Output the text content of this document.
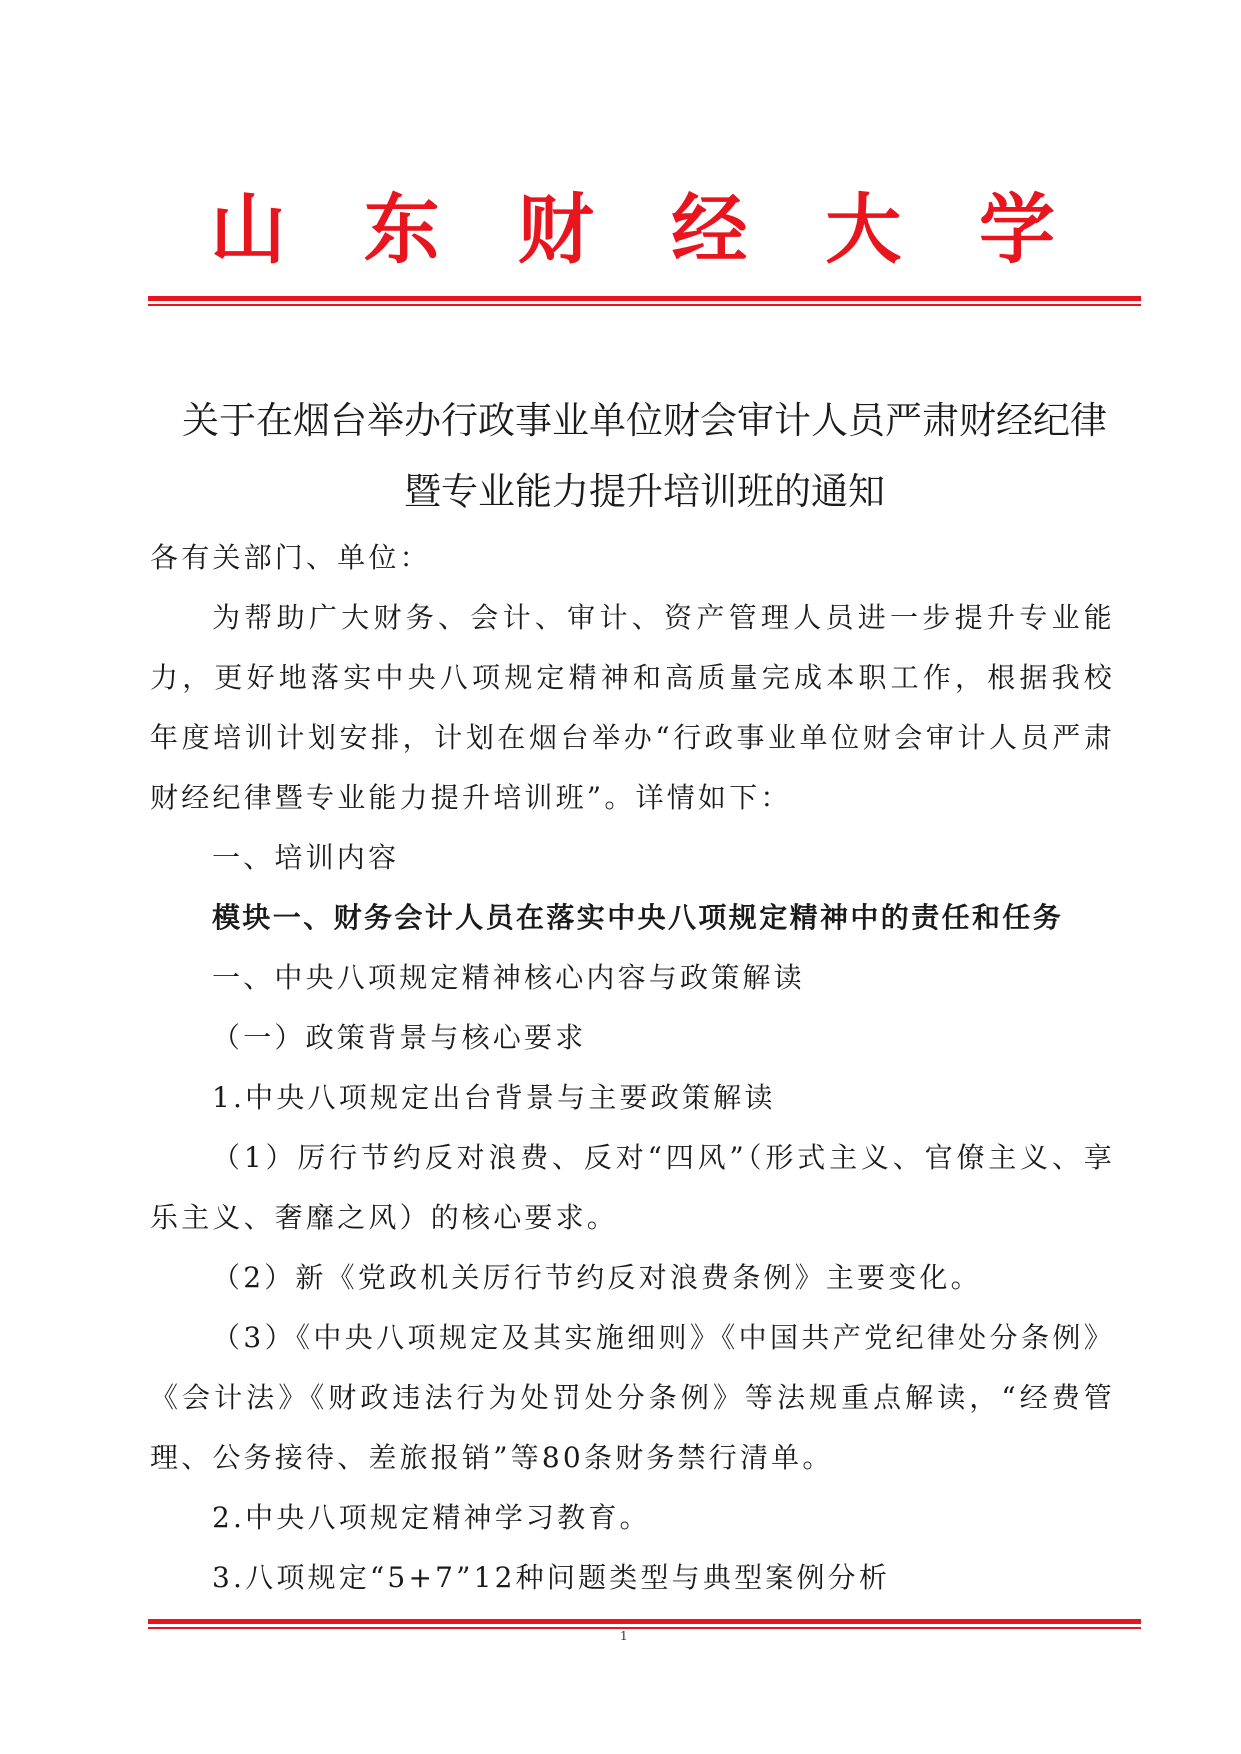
山 东 财 经 大 学
关于在烟台举办行政事业单位财会审计人员严肃财经纪律
暨专业能力提升培训班的通知

各有关部门、单位：

为帮助广大财务、会计、审计、资产管理人员进一步提升专业能力，更好地落实中央八项规定精神和高质量完成本职工作，根据我校年度培训计划安排，计划在烟台举办“行政事业单位财会审计人员严肃财经纪律暨专业能力提升培训班”。详情如下：

一、培训内容

模块一、财务会计人员在落实中央八项规定精神中的责任和任务

一、中央八项规定精神核心内容与政策解读

（一）政策背景与核心要求

1.中央八项规定出台背景与主要政策解读

（1）厉行节约反对浪费、反对“四风”（形式主义、官僚主义、享乐主义、奢靡之风）的核心要求。

（2）新《党政机关厉行节约反对浪费条例》主要变化。

（3）《中央八项规定及其实施细则》《中国共产党纪律处分条例》《会计法》《财政违法行为处罚处分条例》等法规重点解读，“经费管理、公务接待、差旅报销”等80条财务禁行清单。

2.中央八项规定精神学习教育。

3.八项规定“5+7”12种问题类型与典型案例分析

1
